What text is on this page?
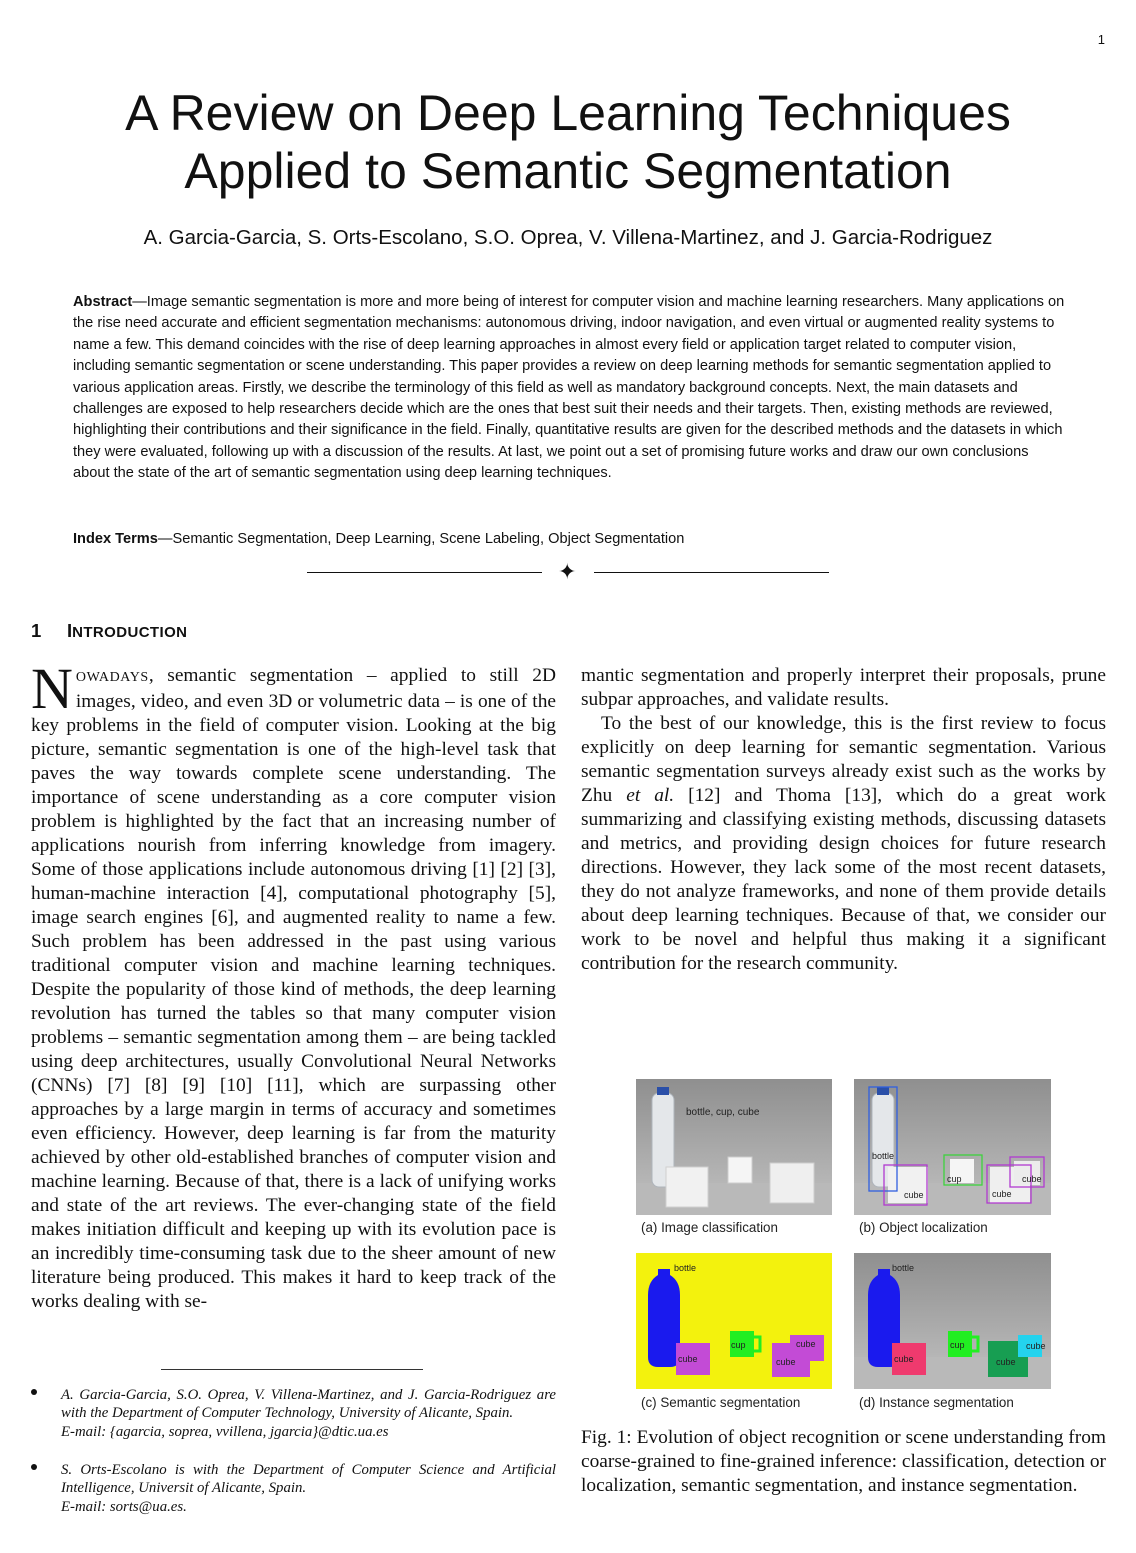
1
A Review on Deep Learning Techniques
Applied to Semantic Segmentation
A. Garcia-Garcia, S. Orts-Escolano, S.O. Oprea, V. Villena-Martinez, and J. Garcia-Rodriguez
Abstract—Image semantic segmentation is more and more being of interest for computer vision and machine learning researchers. Many applications on the rise need accurate and efficient segmentation mechanisms: autonomous driving, indoor navigation, and even virtual or augmented reality systems to name a few. This demand coincides with the rise of deep learning approaches in almost every field or application target related to computer vision, including semantic segmentation or scene understanding. This paper provides a review on deep learning methods for semantic segmentation applied to various application areas. Firstly, we describe the terminology of this field as well as mandatory background concepts. Next, the main datasets and challenges are exposed to help researchers decide which are the ones that best suit their needs and their targets. Then, existing methods are reviewed, highlighting their contributions and their significance in the field. Finally, quantitative results are given for the described methods and the datasets in which they were evaluated, following up with a discussion of the results. At last, we point out a set of promising future works and draw our own conclusions about the state of the art of semantic segmentation using deep learning techniques.
Index Terms—Semantic Segmentation, Deep Learning, Scene Labeling, Object Segmentation
✦
1 INTRODUCTION

NOWADAYS, semantic segmentation – applied to still 2D images, video, and even 3D or volumetric data – is one of the key problems in the field of computer vision. Looking at the big picture, semantic segmentation is one of the high-level task that paves the way towards complete scene understanding. The importance of scene understanding as a core computer vision problem is highlighted by the fact that an increasing number of applications nourish from inferring knowledge from imagery. Some of those applications include autonomous driving [1] [2] [3], human-machine interaction [4], computational photography [5], image search engines [6], and augmented reality to name a few. Such problem has been addressed in the past using various traditional computer vision and machine learning techniques. Despite the popularity of those kind of methods, the deep learning revolution has turned the tables so that many computer vision problems – semantic segmentation among them – are being tackled using deep architectures, usually Convolutional Neural Networks (CNNs) [7] [8] [9] [10] [11], which are surpassing other approaches by a large margin in terms of accuracy and sometimes even efficiency. However, deep learning is far from the maturity achieved by other old-established branches of computer vision and machine learning. Because of that, there is a lack of unifying works and state of the art reviews. The ever-changing state of the field makes initiation difficult and keeping up with its evolution pace is an incredibly time-consuming task due to the sheer amount of new literature being produced. This makes it hard to keep track of the works dealing with se-

mantic segmentation and properly interpret their proposals, prune subpar approaches, and validate results.

To the best of our knowledge, this is the first review to focus explicitly on deep learning for semantic segmentation. Various semantic segmentation surveys already exist such as the works by Zhu et al. [12] and Thoma [13], which do a great work summarizing and classifying existing methods, discussing datasets and metrics, and providing design choices for future research directions. However, they lack some of the most recent datasets, they do not analyze frameworks, and none of them provide details about deep learning techniques. Because of that, we consider our work to be novel and helpful thus making it a significant contribution for the research community.

A. Garcia-Garcia, S.O. Oprea, V. Villena-Martinez, and J. Garcia-Rodriguez are with the Department of Computer Technology, University of Alicante, Spain.
E-mail: {agarcia, soprea, vvillena, jgarcia}@dtic.ua.es
S. Orts-Escolano is with the Department of Computer Science and Artificial Intelligence, Universit of Alicante, Spain.
E-mail: sorts@ua.es.
bottle, cup, cube
(a) Image classification
bottle
cube
cup
cube
cube
(b) Object localization
bottle
cube
cup
cube
cube
(c) Semantic segmentation
bottle
cube
cup
cube
cube
(d) Instance segmentation
Fig. 1: Evolution of object recognition or scene understanding from coarse-grained to fine-grained inference: classification, detection or localization, semantic segmentation, and instance segmentation.
